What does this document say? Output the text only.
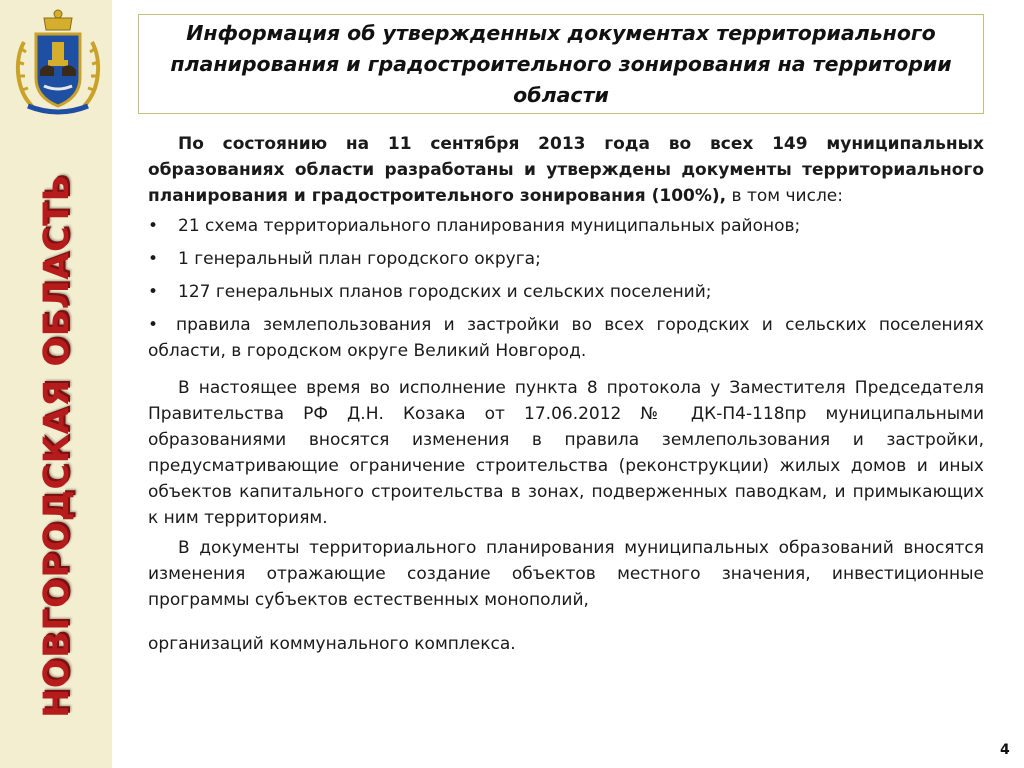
НОВГОРОДСКАЯ ОБЛАСТЬ
Информация об утвержденных документах территориального планирования и градостроительного зонирования на территории области

По состоянию на 11 сентября 2013 года во всех 149 муниципальных образованиях области разработаны и утверждены документы территориального планирования и градостроительного зонирования (100%), в том числе:

• 21 схема территориального планирования муниципальных районов;
• 1 генеральный план городского округа;
• 127 генеральных планов городских и сельских поселений;
• правила землепользования и застройки во всех городских и сельских поселениях области, в городском округе Великий Новгород.

В настоящее время во исполнение пункта 8 протокола у Заместителя Председателя Правительства РФ Д.Н. Козака от 17.06.2012 № ДК-П4-118пр муниципальными образованиями вносятся изменения в правила землепользования и застройки, предусматривающие ограничение строительства (реконструкции) жилых домов и иных объектов капитального строительства в зонах, подверженных паводкам, и примыкающих к ним территориям.

В документы территориального планирования муниципальных образований вносятся изменения отражающие создание объектов местного значения, инвестиционные программы субъектов естественных монополий,

организаций коммунального комплекса.

4
